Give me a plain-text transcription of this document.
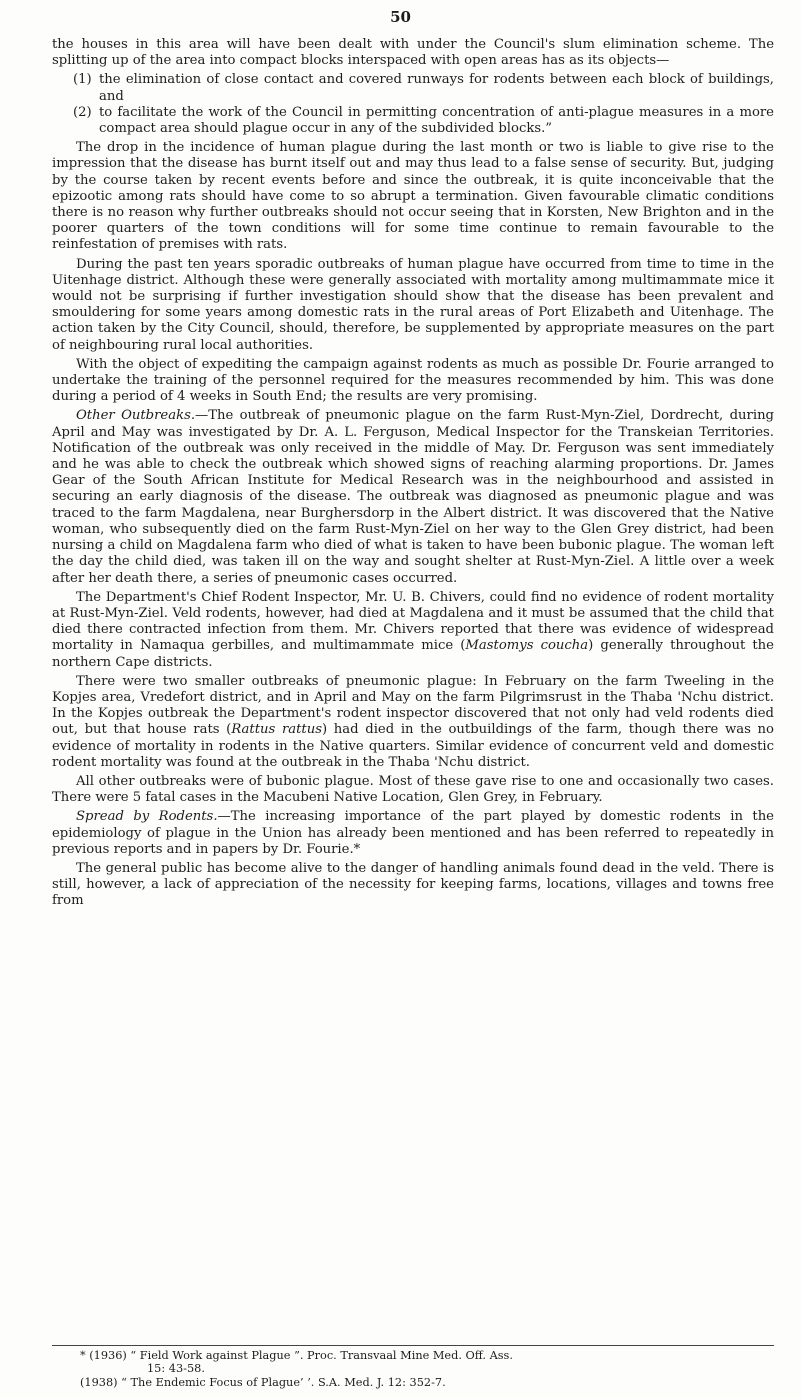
50

the houses in this area will have been dealt with under the Council's slum elimination scheme. The splitting up of the area into compact blocks interspaced with open areas has as its objects—

(1) the elimination of close contact and covered runways for rodents between each block of buildings, and
(2) to facilitate the work of the Council in permitting concentration of anti-plague measures in a more compact area should plague occur in any of the subdivided blocks.”

The drop in the incidence of human plague during the last month or two is liable to give rise to the impression that the disease has burnt itself out and may thus lead to a false sense of security. But, judging by the course taken by recent events before and since the outbreak, it is quite inconceivable that the epizootic among rats should have come to so abrupt a termination. Given favourable climatic conditions there is no reason why further outbreaks should not occur seeing that in Korsten, New Brighton and in the poorer quarters of the town conditions will for some time continue to remain favourable to the reinfestation of premises with rats.

During the past ten years sporadic outbreaks of human plague have occurred from time to time in the Uitenhage district. Although these were generally associated with mortality among multimammate mice it would not be surprising if further investigation should show that the disease has been prevalent and smouldering for some years among domestic rats in the rural areas of Port Elizabeth and Uitenhage. The action taken by the City Council, should, therefore, be supplemented by appropriate measures on the part of neighbouring rural local authorities.

With the object of expediting the campaign against rodents as much as possible Dr. Fourie arranged to undertake the training of the personnel required for the measures recommended by him. This was done during a period of 4 weeks in South End; the results are very promising.

Other Outbreaks.—The outbreak of pneumonic plague on the farm Rust-Myn-Ziel, Dordrecht, during April and May was investigated by Dr. A. L. Ferguson, Medical Inspector for the Transkeian Territories. Notification of the outbreak was only received in the middle of May. Dr. Ferguson was sent immediately and he was able to check the outbreak which showed signs of reaching alarming proportions. Dr. James Gear of the South African Institute for Medical Research was in the neighbourhood and assisted in securing an early diagnosis of the disease. The outbreak was diagnosed as pneumonic plague and was traced to the farm Magdalena, near Burghersdorp in the Albert district. It was discovered that the Native woman, who subsequently died on the farm Rust-Myn-Ziel on her way to the Glen Grey district, had been nursing a child on Magdalena farm who died of what is taken to have been bubonic plague. The woman left the day the child died, was taken ill on the way and sought shelter at Rust-Myn-Ziel. A little over a week after her death there, a series of pneumonic cases occurred.

The Department's Chief Rodent Inspector, Mr. U. B. Chivers, could find no evidence of rodent mortality at Rust-Myn-Ziel. Veld rodents, however, had died at Magdalena and it must be assumed that the child that died there contracted infection from them. Mr. Chivers reported that there was evidence of widespread mortality in Namaqua gerbilles, and multimammate mice (Mastomys coucha) generally throughout the northern Cape districts.

There were two smaller outbreaks of pneumonic plague: In February on the farm Tweeling in the Kopjes area, Vredefort district, and in April and May on the farm Pilgrimsrust in the Thaba 'Nchu district. In the Kopjes outbreak the Department's rodent inspector discovered that not only had veld rodents died out, but that house rats (Rattus rattus) had died in the outbuildings of the farm, though there was no evidence of mortality in rodents in the Native quarters. Similar evidence of concurrent veld and domestic rodent mortality was found at the outbreak in the Thaba 'Nchu district.

All other outbreaks were of bubonic plague. Most of these gave rise to one and occasionally two cases. There were 5 fatal cases in the Macubeni Native Location, Glen Grey, in February.

Spread by Rodents.—The increasing importance of the part played by domestic rodents in the epidemiology of plague in the Union has already been mentioned and has been referred to repeatedly in previous reports and in papers by Dr. Fourie.*

The general public has become alive to the danger of handling animals found dead in the veld. There is still, however, a lack of appreciation of the necessity for keeping farms, locations, villages and towns free from

* (1936) “ Field Work against Plague ”. Proc. Transvaal Mine Med. Off. Ass.
15: 43-58.
(1938) “ The Endemic Focus of Plague’ ’. S.A. Med. J. 12: 352-7.
